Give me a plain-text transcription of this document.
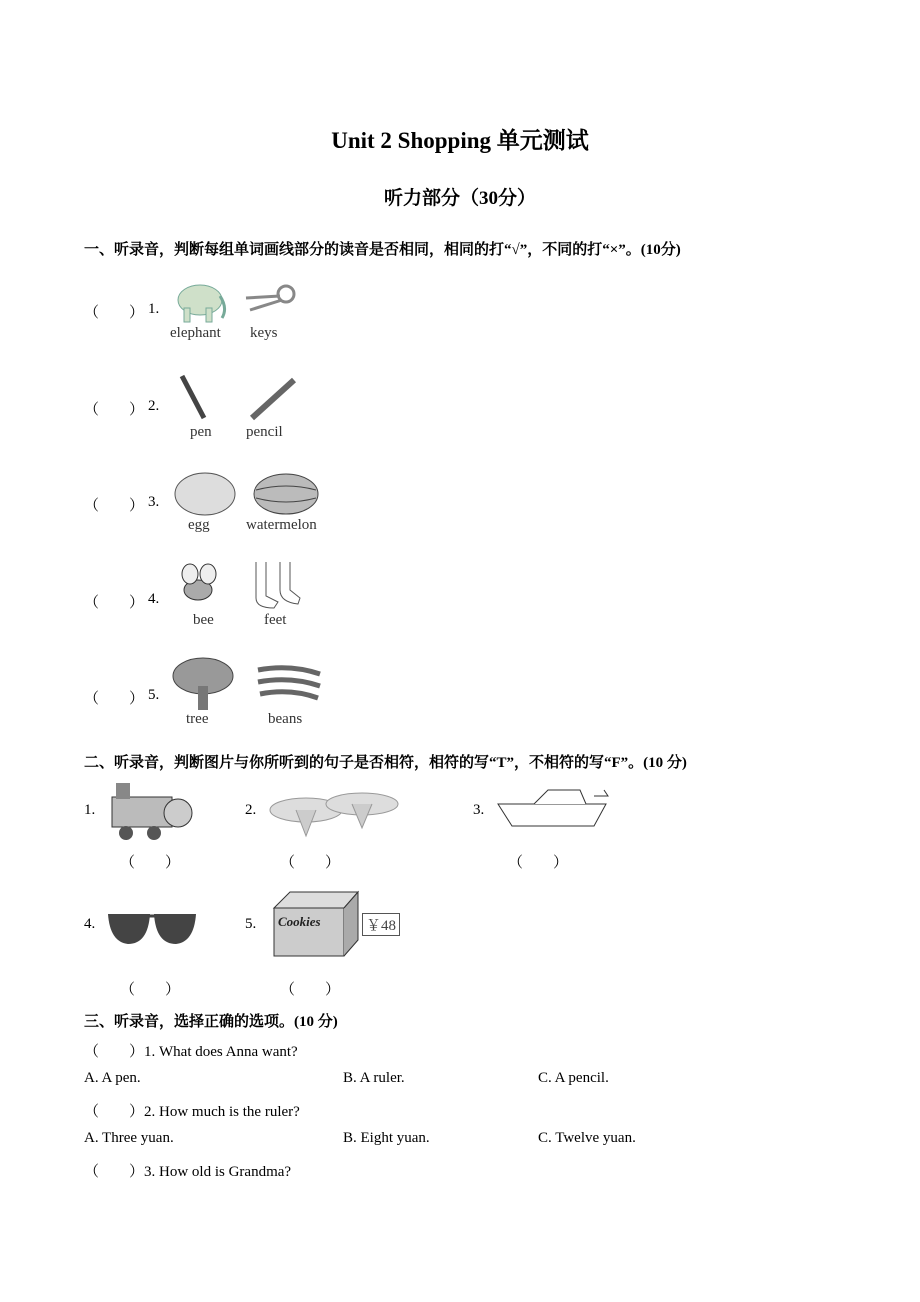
Unit 2 Shopping 单元测试
听力部分（30分）
一、听录音，判断每组单词画线部分的读音是否相同，相同的打“√”，不同的打“×”。(10分)
（　　） 1.
elephant keys
（　　） 2.
pen pencil
（　　） 3.
egg watermelon
（　　） 4.
bee	feet
（　　） 5.
tree	beans
二、听录音，判断图片与你所听到的句子是否相符，相符的写“T”，不相符的写“F”。(10 分)
1.
（　　）
2.
（　　）
3.
（　　）
4.
（　　）
5. Cookies	￥48
（　　）
三、听录音，选择正确的选项。(10 分)
（　　）1. What does Anna want?
A. A pen.	B. A ruler.	C. A pencil.
（　　）2. How much is the ruler?
A. Three yuan.	B. Eight yuan.	C. Twelve yuan.
（　　）3. How old is Grandma?
